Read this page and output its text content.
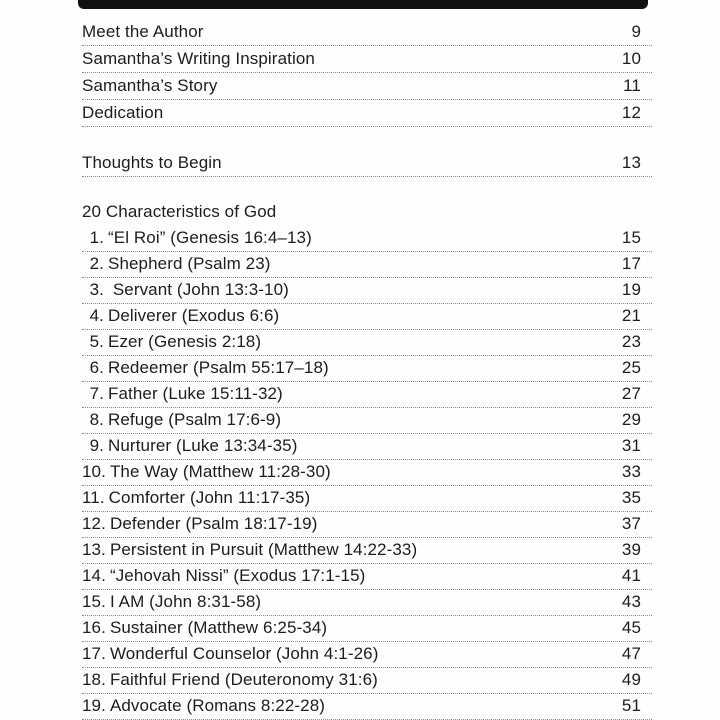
Meet the Author	9
Samantha’s Writing Inspiration	10
Samantha’s Story	11
Dedication	12
Thoughts to Begin	13
20 Characteristics of God
1. “El Roi” (Genesis 16:4–13)	15
2. Shepherd (Psalm 23)	17
3. Servant (John 13:3-10)	19
4. Deliverer (Exodus 6:6)	21
5. Ezer (Genesis 2:18)	23
6. Redeemer (Psalm 55:17–18)	25
7. Father (Luke 15:11-32)	27
8. Refuge (Psalm 17:6-9)	29
9. Nurturer (Luke 13:34-35)	31
10. The Way (Matthew 11:28-30)	33
11. Comforter (John 11:17-35)	35
12. Defender (Psalm 18:17-19)	37
13. Persistent in Pursuit (Matthew 14:22-33)	39
14. “Jehovah Nissi” (Exodus 17:1-15)	41
15. I AM (John 8:31-58)	43
16. Sustainer (Matthew 6:25-34)	45
17. Wonderful Counselor (John 4:1-26)	47
18. Faithful Friend (Deuteronomy 31:6)	49
19. Advocate (Romans 8:22-28)	51
